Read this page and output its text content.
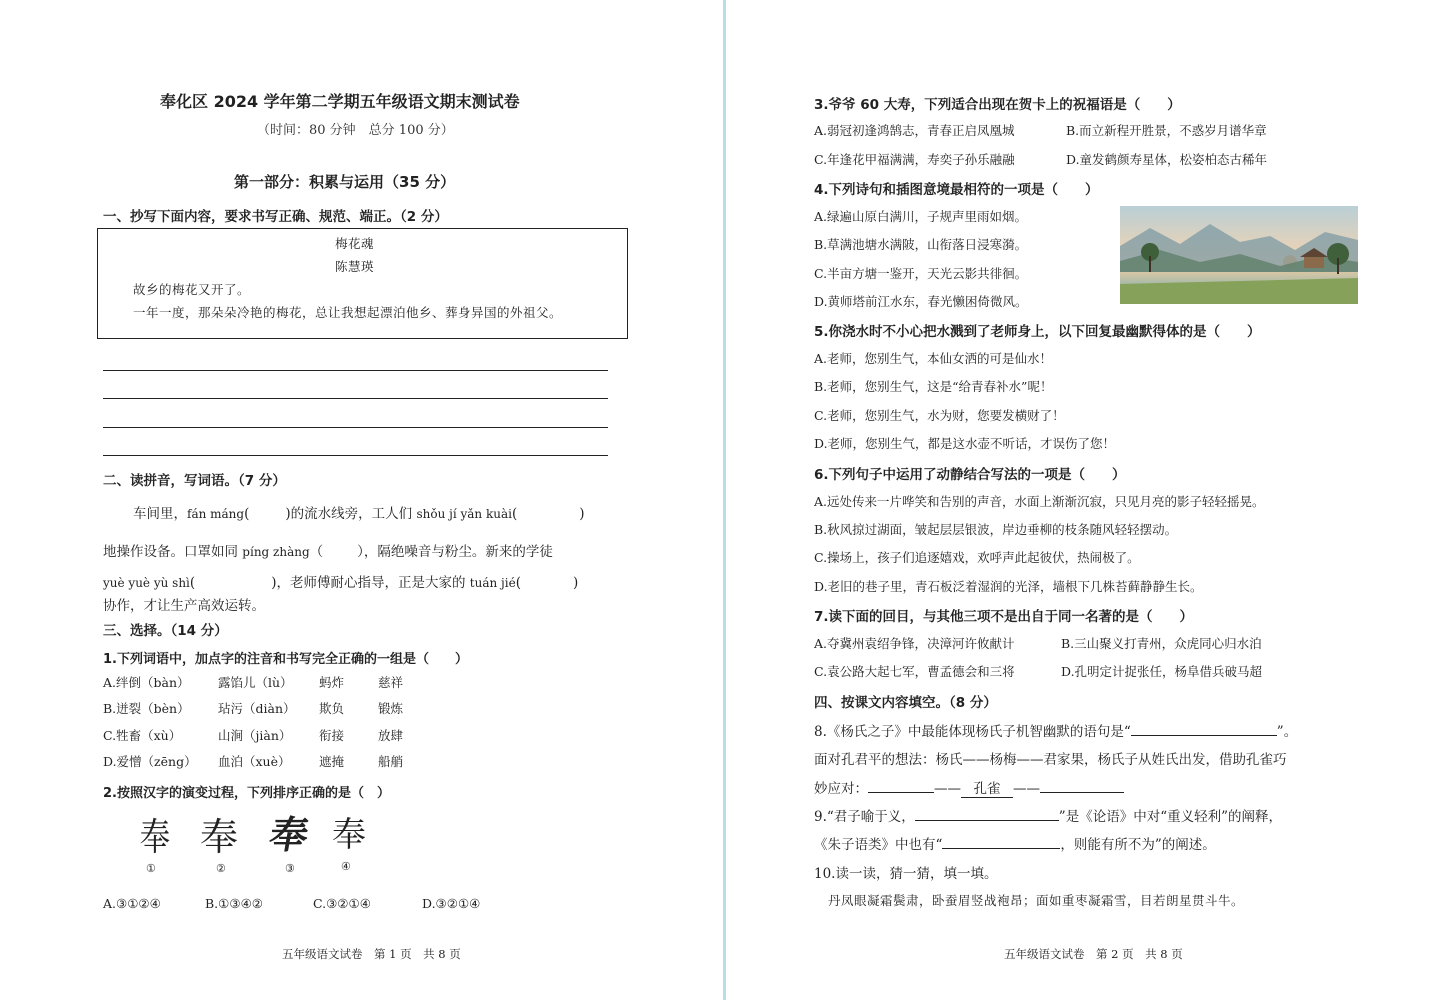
奉化区 2024 学年第二学期五年级语文期末测试卷
（时间：80 分钟　总分 100 分）
第一部分：积累与运用（35 分）
一、抄写下面内容，要求书写正确、规范、端正。（2 分）
梅花魂
陈慧瑛
故乡的梅花又开了。
一年一度，那朵朵冷艳的梅花，总让我想起漂泊他乡、葬身异国的外祖父。
二、读拼音，写词语。（7 分）
车间里，fán máng(	)的流水线旁，工人们 shǒu jí yǎn kuài(	)
地操作设备。口罩如同 píng zhàng（	），隔绝噪音与粉尘。新来的学徒
yuè yuè yù shì(	)，老师傅耐心指导，正是大家的 tuán jié(	)
协作，才让生产高效运转。
三、选择。（14 分）
1.下列词语中，加点字的注音和书写完全正确的一组是（　　）
A.绊倒（bàn） 露馅儿（lù） 蚂炸	慈祥
B.迸裂（bèn） 玷污（diàn） 欺负	锻炼
C.牲畜（xù）	山涧（jiàn） 衔接	放肆
D.爱憎（zēng） 血泊（xuè） 遮掩	船艄
2.按照汉字的演变过程，下列排序正确的是（　）
奉 奉 奉 奉
①	②	③	④
A.③①②④	B.①③④②	C.③②①④	D.③②①④
五年级语文试卷　第 1 页　共 8 页
3.爷爷 60 大寿，下列适合出现在贺卡上的祝福语是（　　）
A.弱冠初逢鸿鹄志，青春正启凤凰城	B.而立新程开胜景，不惑岁月谱华章
C.年逢花甲福满满，寿奕子孙乐融融	D.童发鹤颜寿星体，松姿柏态古稀年
4.下列诗句和插图意境最相符的一项是（　　）
A.绿遍山原白满川，子规声里雨如烟。
B.草满池塘水满陂，山衔落日浸寒漪。
C.半亩方塘一鉴开，天光云影共徘徊。
D.黄师塔前江水东，春光懒困倚微风。
5.你浇水时不小心把水溅到了老师身上，以下回复最幽默得体的是（　　）
A.老师，您别生气，本仙女洒的可是仙水！
B.老师，您别生气，这是“给青春补水”呢！
C.老师，您别生气，水为财，您要发横财了！
D.老师，您别生气，都是这水壶不听话，才误伤了您！
6.下列句子中运用了动静结合写法的一项是（　　）
A.远处传来一片哗笑和告别的声音，水面上渐渐沉寂，只见月亮的影子轻轻摇晃。
B.秋风掠过湖面，皱起层层银波，岸边垂柳的枝条随风轻轻摆动。
C.操场上，孩子们追逐嬉戏，欢呼声此起彼伏，热闹极了。
D.老旧的巷子里，青石板泛着湿润的光泽，墙根下几株苔藓静静生长。
7.读下面的回目，与其他三项不是出自于同一名著的是（　　）
A.夺冀州袁绍争锋，决漳河许攸献计	B.三山聚义打青州，众虎同心归水泊
C.袁公路大起七军，曹孟德会和三将	D.孔明定计捉张任，杨阜借兵破马超
四、按课文内容填空。（8 分）
8.《杨氏之子》中最能体现杨氏子机智幽默的语句是“	”。
面对孔君平的想法：杨氏——杨梅——君家果，杨氏子从姓氏出发，借助孔雀巧
妙应对：	—— 孔雀 ——
9.“君子喻于义，	”是《论语》中对“重义轻利”的阐释，
《朱子语类》中也有“	，则能有所不为”的阐述。
10.读一读，猜一猜，填一填。
丹凤眼凝霜鬓肃，卧蚕眉竖战袍昂；面如重枣凝霜雪，目若朗星贯斗牛。
五年级语文试卷　第 2 页　共 8 页
